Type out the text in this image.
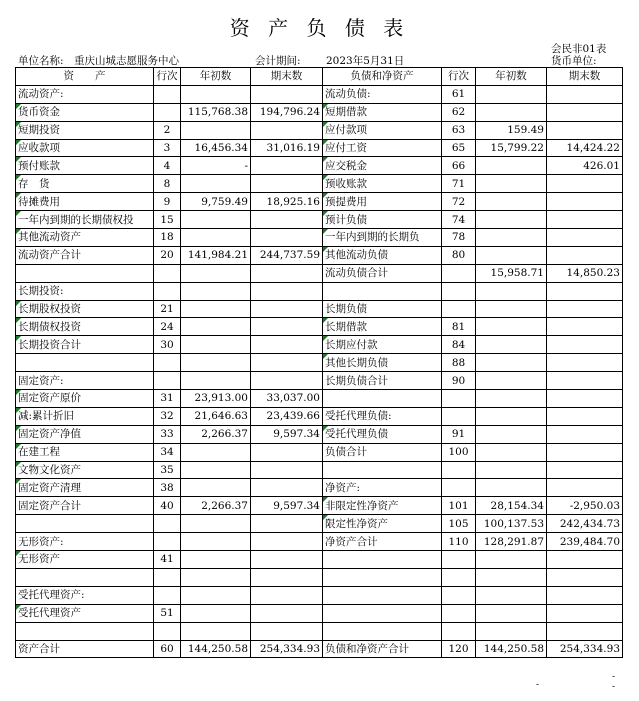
资 产 负 债 表
单位名称: 重庆山城志愿服务中心	会计期间: 2023年5月31日
会民非01表
货币单位:
资　　产	行次	年初数	期末数	负债和净资产	行次	年初数	期末数
流动资产:				流动负债:	61		
货币资金		115,768.38	194,796.24	短期借款	62		
短期投资	2			应付款项	63	159.49	
应收款项	3	16,456.34	31,016.19	应付工资	65	15,799.22	14,424.22
预付账款	4	-		应交税金	66		426.01
存　货	8			预收账款	71		
待摊费用	9	9,759.49	18,925.16	预提费用	72		
一年内到期的长期债权投	15			预计负债	74		
其他流动资产	18			一年内到期的长期负	78		
流动资产合计	20	141,984.21	244,737.59	其他流动负债	80		
				流动负债合计		15,958.71	14,850.23
长期投资:							
长期股权投资	21			长期负债			
长期债权投资	24			长期借款	81		
长期投资合计	30			长期应付款	84		
				其他长期负债	88		
固定资产:				长期负债合计	90		
固定资产原价	31	23,913.00	33,037.00				
减:累计折旧	32	21,646.63	23,439.66	受托代理负债:			
固定资产净值	33	2,266.37	9,597.34	受托代理负债	91		
在建工程	34			负债合计	100		
文物文化资产	35						
固定资产清理	38			净资产:			
固定资产合计	40	2,266.37	9,597.34	非限定性净资产	101	28,154.34	-2,950.03
				限定性净资产	105	100,137.53	242,434.73
无形资产:				净资产合计	110	128,291.87	239,484.70
无形资产	41						

受托代理资产:							
受托代理资产	51						

资产合计	60	144,250.58	254,334.93	负债和净资产合计	120	144,250.58	254,334.93
-
-
-
